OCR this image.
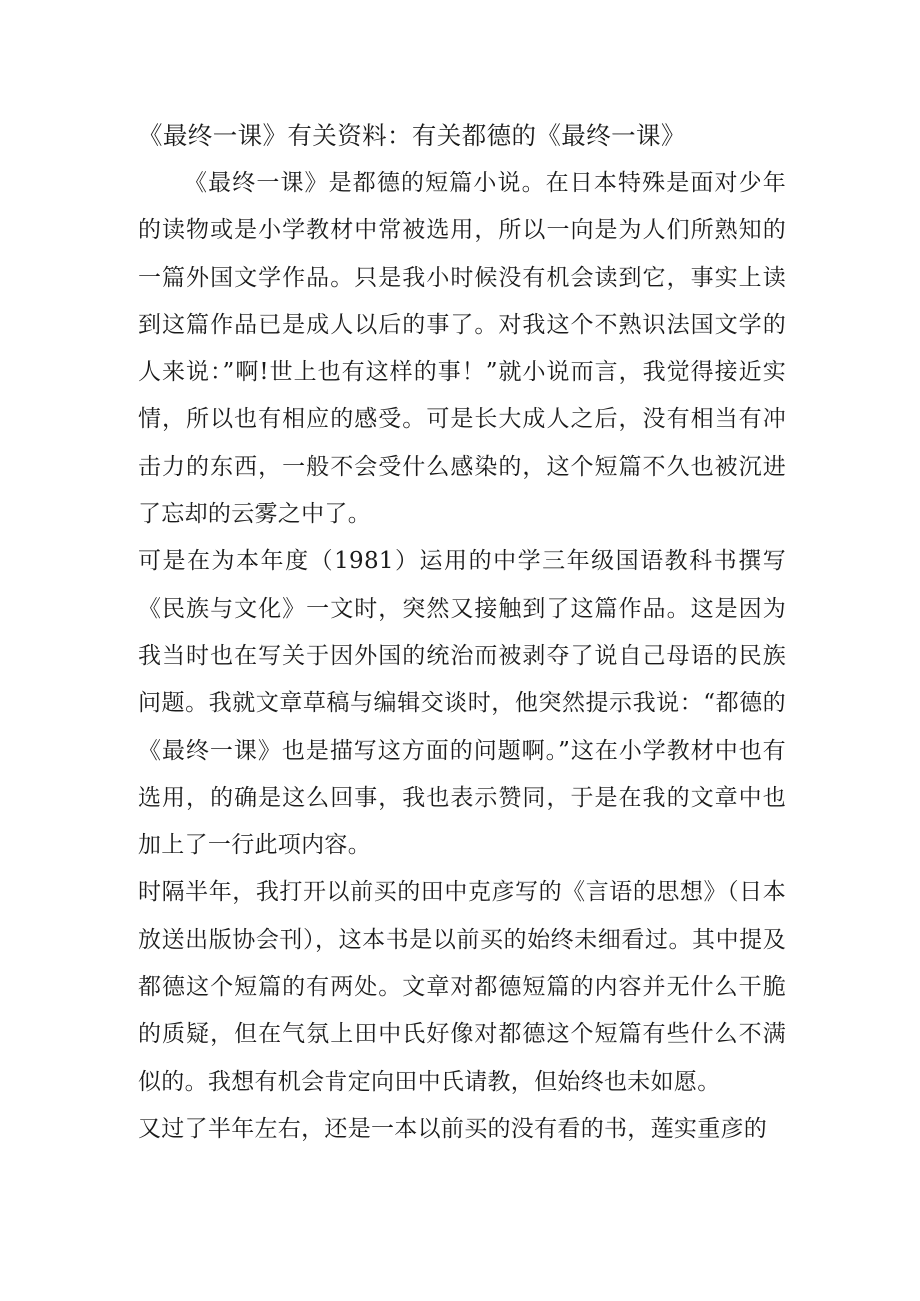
《最终一课》有关资料：有关都德的《最终一课》

《最终一课》是都德的短篇小说。在日本特殊是面对少年的读物或是小学教材中常被选用，所以一向是为人们所熟知的一篇外国文学作品。只是我小时候没有机会读到它，事实上读到这篇作品已是成人以后的事了。对我这个不熟识法国文学的人来说：”啊!世上也有这样的事！”就小说而言，我觉得接近实情，所以也有相应的感受。可是长大成人之后，没有相当有冲击力的东西，一般不会受什么感染的，这个短篇不久也被沉进了忘却的云雾之中了。

可是在为本年度（1981）运用的中学三年级国语教科书撰写《民族与文化》一文时，突然又接触到了这篇作品。这是因为我当时也在写关于因外国的统治而被剥夺了说自己母语的民族问题。我就文章草稿与编辑交谈时，他突然提示我说：“都德的《最终一课》也是描写这方面的问题啊。”这在小学教材中也有选用，的确是这么回事，我也表示赞同，于是在我的文章中也加上了一行此项内容。

时隔半年，我打开以前买的田中克彦写的《言语的思想》（日本放送出版协会刊），这本书是以前买的始终未细看过。其中提及都德这个短篇的有两处。文章对都德短篇的内容并无什么干脆的质疑，但在气氛上田中氏好像对都德这个短篇有些什么不满似的。我想有机会肯定向田中氏请教，但始终也未如愿。

又过了半年左右，还是一本以前买的没有看的书，莲实重彦的
